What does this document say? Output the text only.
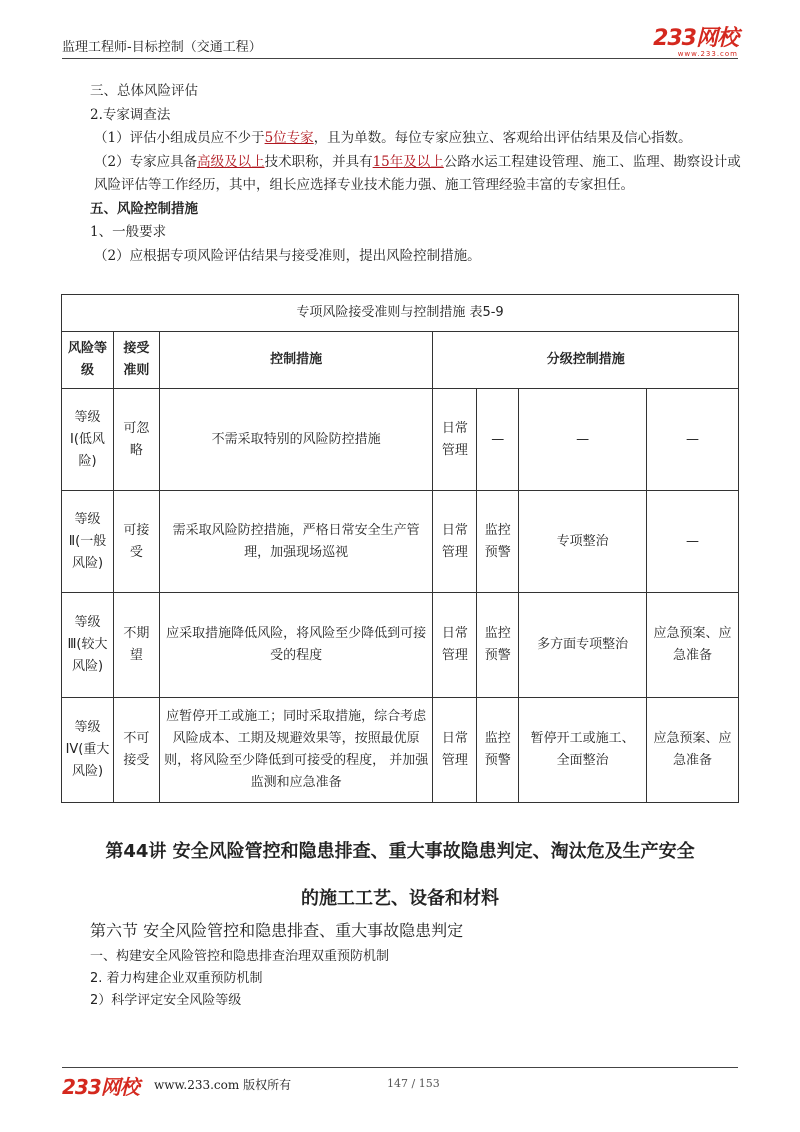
监理工程师-目标控制（交通工程）	233网校
www.233.com

三、总体风险评估

2.专家调查法

（1）评估小组成员应不少于5位专家，且为单数。每位专家应独立、客观给出评估结果及信心指数。

（2）专家应具备高级及以上技术职称，并具有15年及以上公路水运工程建设管理、施工、监理、勘察设计或风险评估等工作经历，其中，组长应选择专业技术能力强、施工管理经验丰富的专家担任。

五、风险控制措施

1、一般要求

（2）应根据专项风险评估结果与接受准则，提出风险控制措施。

专项风险接受准则与控制措施 表5-9						
风险等级	接受准则	控制措施	分级控制措施			
等级Ⅰ(低风险)	可忽略	不需采取特别的风险防控措施	日常管理	—	—	—
等级Ⅱ(一般风险)	可接受	需采取风险防控措施，严格日常安全生产管理，加强现场巡视	日常管理	监控预警	专项整治	—
等级Ⅲ(较大风险)	不期望	应采取措施降低风险，将风险至少降低到可接受的程度	日常管理	监控预警	多方面专项整治	应急预案、应急准备
等级ⅠV(重大风险)	不可接受	应暂停开工或施工；同时采取措施，综合考虑风险成本、工期及规避效果等，按照最优原则，将风险至少降低到可接受的程度， 并加强监测和应急准备	日常管理	监控预警	暂停开工或施工、 全面整治	应急预案、应急准备
第44讲 安全风险管控和隐患排查、重大事故隐患判定、淘汰危及生产安全
的施工工艺、设备和材料
第六节 安全风险管控和隐患排查、重大事故隐患判定

一、构建安全风险管控和隐患排查治理双重预防机制

2. 着力构建企业双重预防机制

2）科学评定安全风险等级

233网校 www.233.com 版权所有	147 / 153
